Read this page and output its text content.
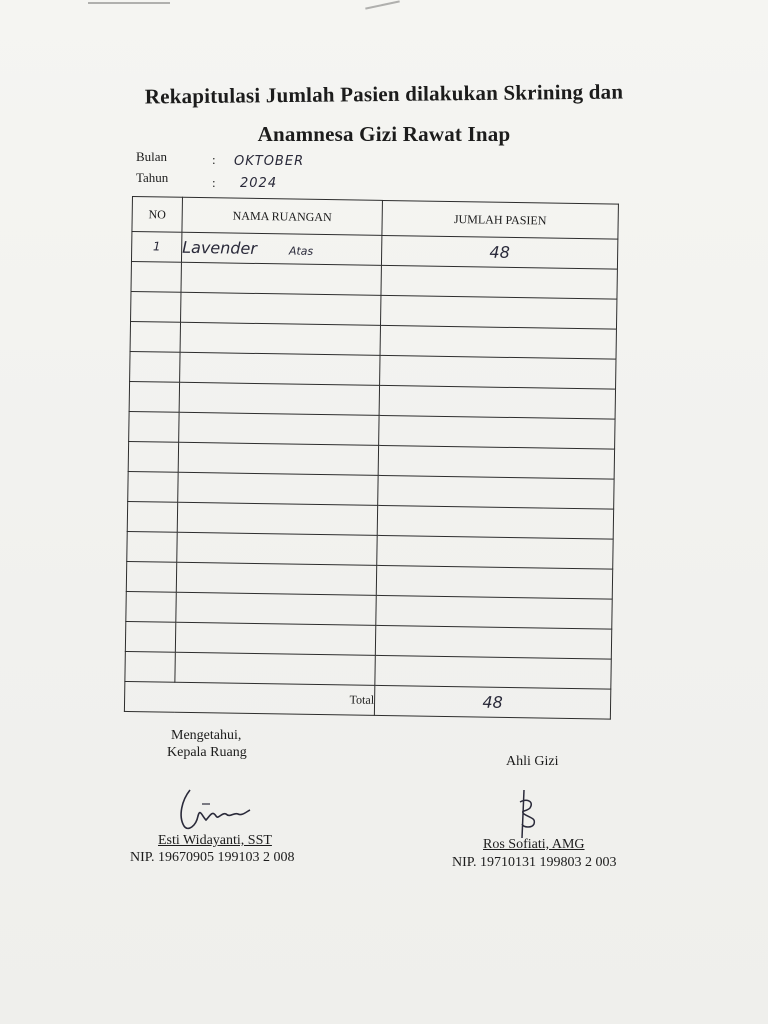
Rekapitulasi Jumlah Pasien dilakukan Skrining dan
Anamnesa Gizi Rawat Inap
Bulan	: OKTOBER
Tahun	: 2024
NO	NAMA RUANGAN	JUMLAH PASIEN
1	Lavender Atas	48

Total		48
Mengetahui,
Kepala Ruang
Esti Widayanti, SST
NIP. 19670905 199103 2 008
Ahli Gizi
Ros Sofiati, AMG
NIP. 19710131 199803 2 003
